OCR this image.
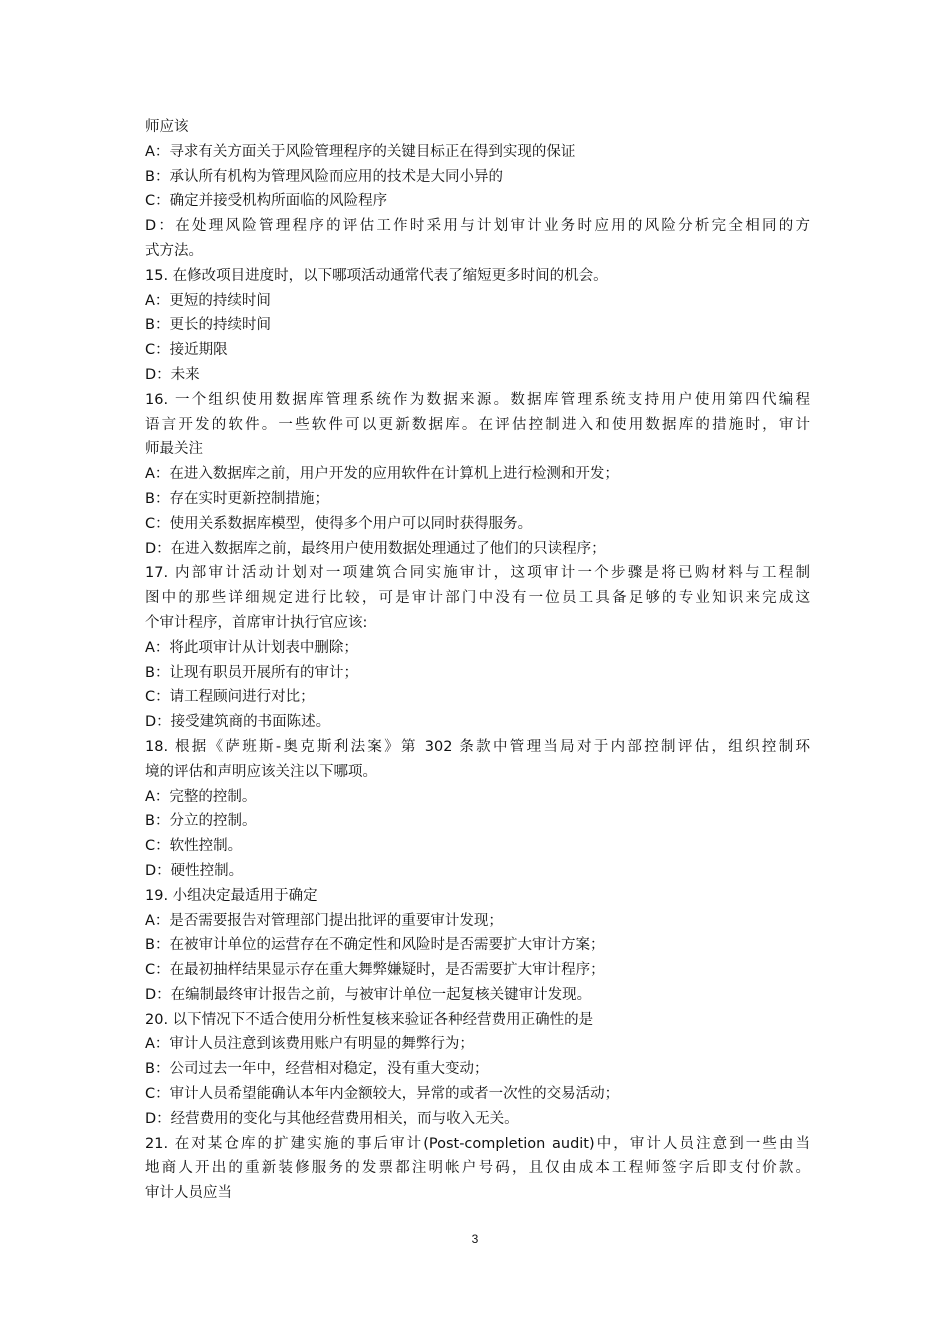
师应该
A：寻求有关方面关于风险管理程序的关键目标正在得到实现的保证
B：承认所有机构为管理风险而应用的技术是大同小异的
C：确定并接受机构所面临的风险程序
D：在处理风险管理程序的评估工作时采用与计划审计业务时应用的风险分析完全相同的方
式方法。
15. 在修改项目进度时，以下哪项活动通常代表了缩短更多时间的机会。
A：更短的持续时间
B：更长的持续时间
C：接近期限
D：未来
16. 一个组织使用数据库管理系统作为数据来源。数据库管理系统支持用户使用第四代编程
语言开发的软件。一些软件可以更新数据库。在评估控制进入和使用数据库的措施时，审计
师最关注
A：在进入数据库之前，用户开发的应用软件在计算机上进行检测和开发；
B：存在实时更新控制措施；
C：使用关系数据库模型，使得多个用户可以同时获得服务。
D：在进入数据库之前，最终用户使用数据处理通过了他们的只读程序；
17. 内部审计活动计划对一项建筑合同实施审计，这项审计一个步骤是将已购材料与工程制
图中的那些详细规定进行比较，可是审计部门中没有一位员工具备足够的专业知识来完成这
个审计程序，首席审计执行官应该:
A：将此项审计从计划表中删除；
B：让现有职员开展所有的审计；
C：请工程顾问进行对比；
D：接受建筑商的书面陈述。
18. 根据《萨班斯-奥克斯利法案》第 302 条款中管理当局对于内部控制评估，组织控制环
境的评估和声明应该关注以下哪项。
A：完整的控制。
B：分立的控制。
C：软性控制。
D：硬性控制。
19. 小组决定最适用于确定
A：是否需要报告对管理部门提出批评的重要审计发现；
B：在被审计单位的运营存在不确定性和风险时是否需要扩大审计方案；
C：在最初抽样结果显示存在重大舞弊嫌疑时，是否需要扩大审计程序；
D：在编制最终审计报告之前，与被审计单位一起复核关键审计发现。
20. 以下情况下不适合使用分析性复核来验证各种经营费用正确性的是
A：审计人员注意到该费用账户有明显的舞弊行为；
B：公司过去一年中，经营相对稳定，没有重大变动；
C：审计人员希望能确认本年内金额较大，异常的或者一次性的交易活动；
D：经营费用的变化与其他经营费用相关，而与收入无关。
21. 在对某仓库的扩建实施的事后审计(Post-completion audit)中，审计人员注意到一些由当
地商人开出的重新装修服务的发票都注明帐户号码，且仅由成本工程师签字后即支付价款。
审计人员应当
3
